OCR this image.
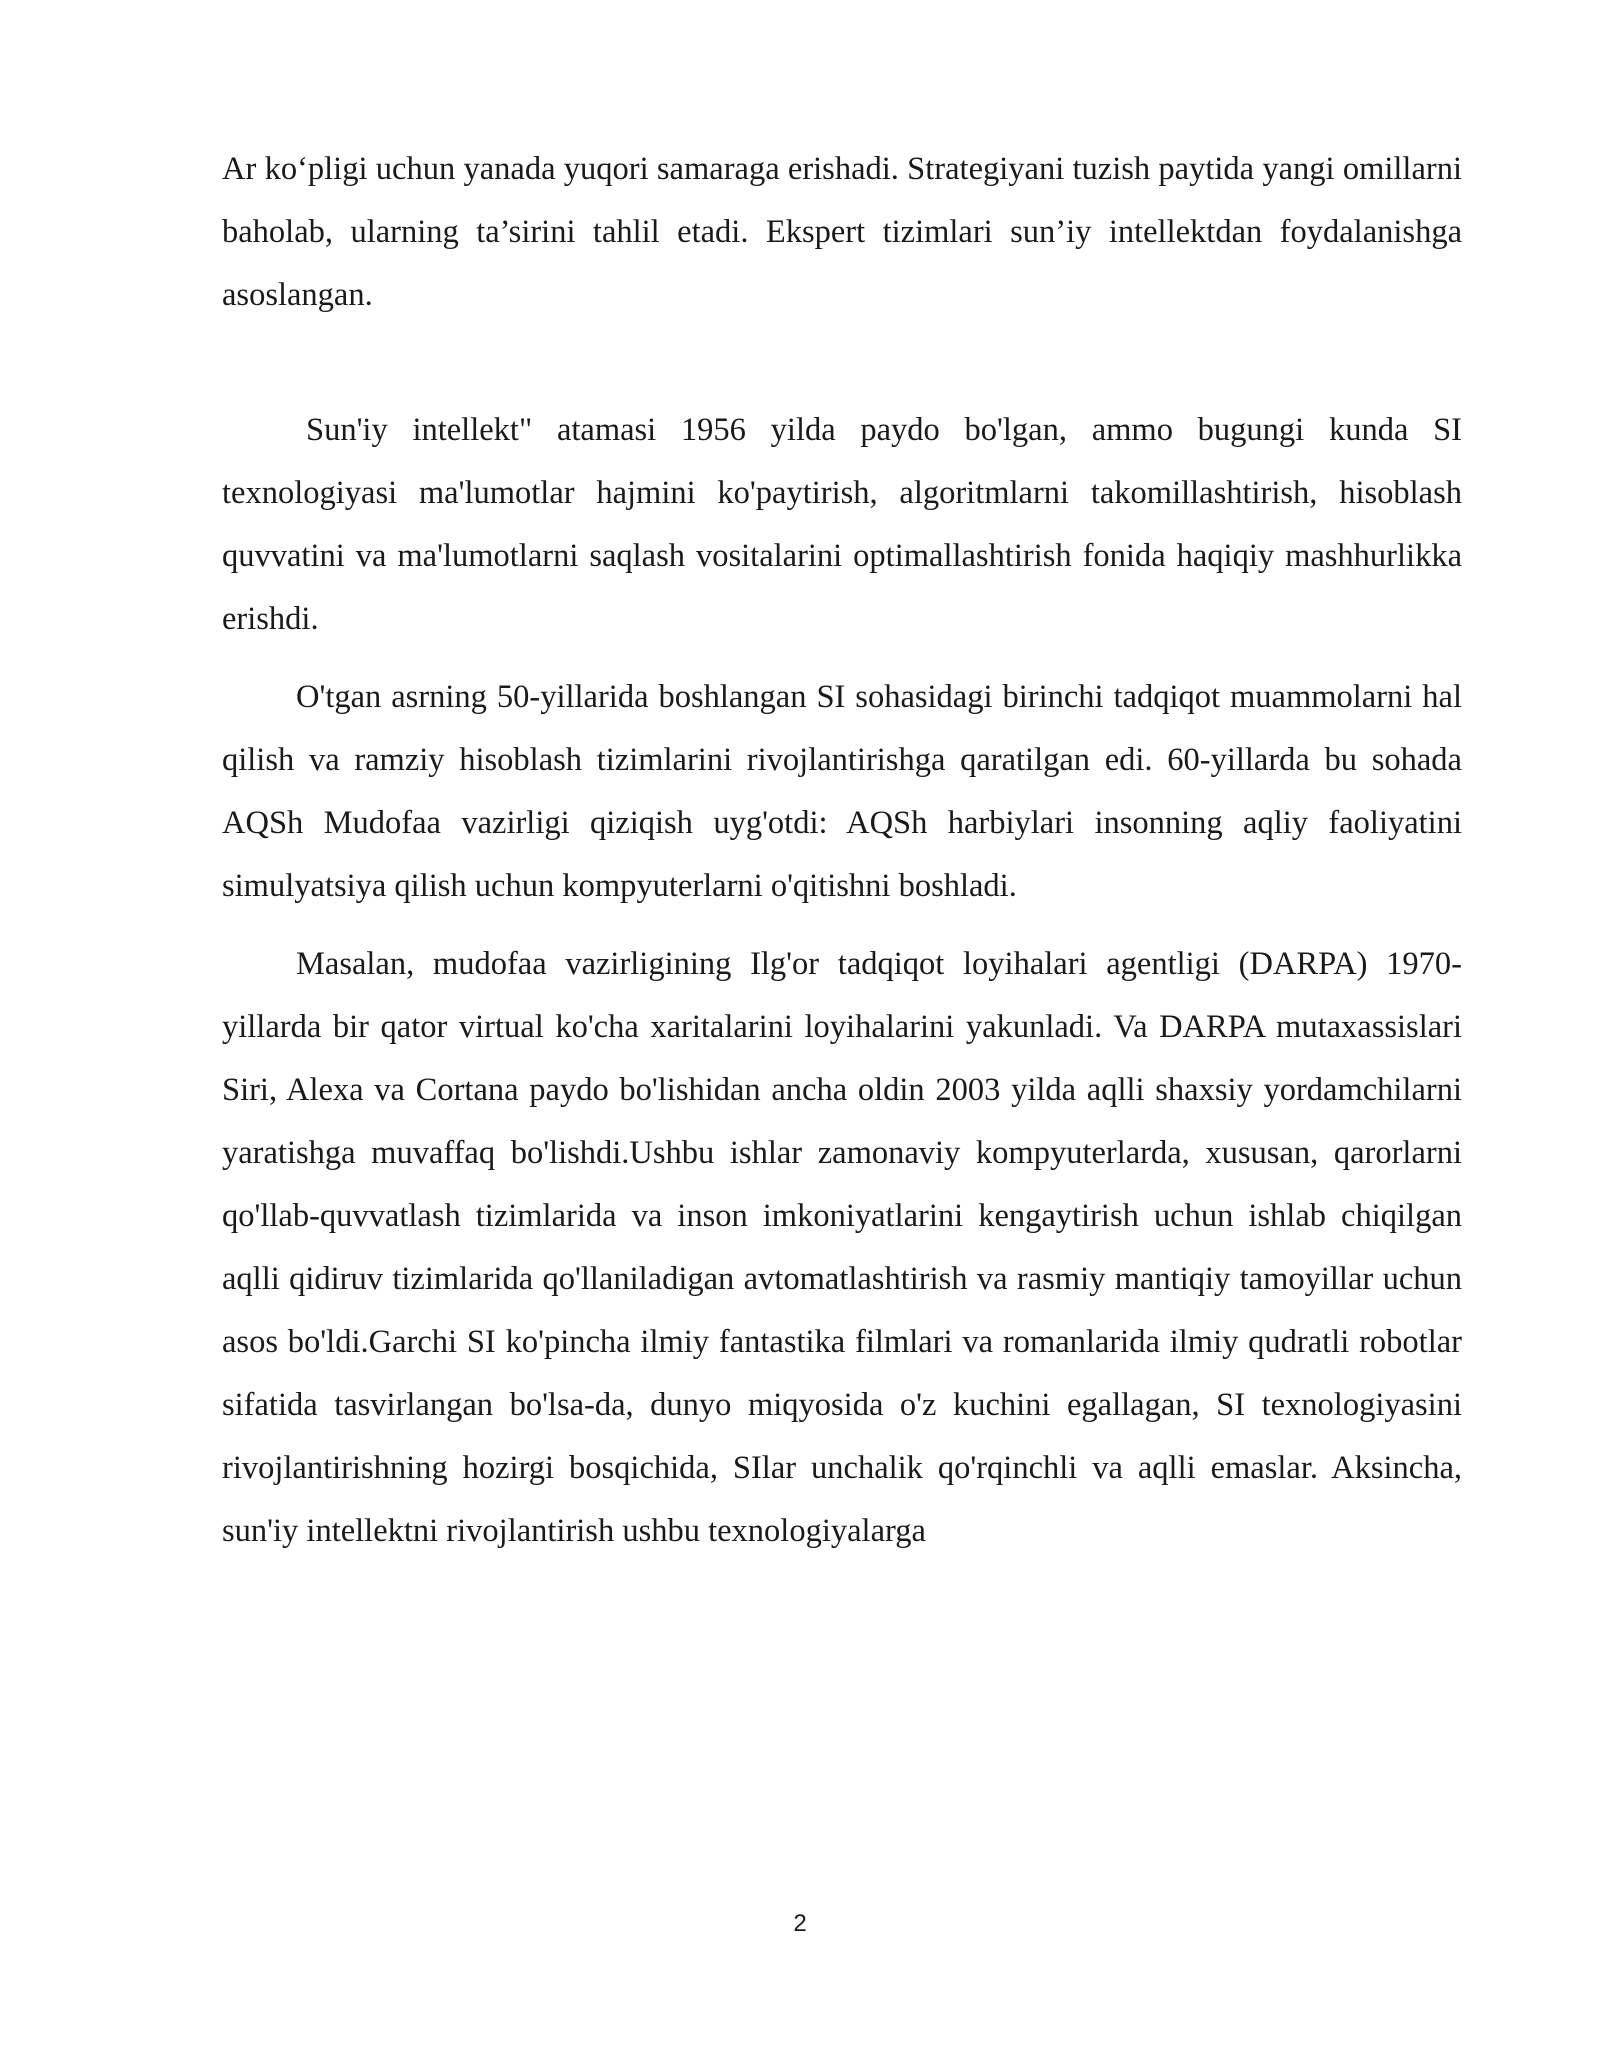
Ar ko‘pligi uchun yanada yuqori samaraga erishadi. Strategiyani tuzish paytida yangi omillarni baholab, ularning ta’sirini tahlil etadi. Ekspert tizimlari sun’iy intellektdan foydalanishga asoslangan.

Sun'iy intellekt" atamasi 1956 yilda paydo bo'lgan, ammo bugungi kunda SI texnologiyasi ma'lumotlar hajmini ko'paytirish, algoritmlarni takomillashtirish, hisoblash quvvatini va ma'lumotlarni saqlash vositalarini optimallashtirish fonida haqiqiy mashhurlikka erishdi.

O'tgan asrning 50-yillarida boshlangan SI sohasidagi birinchi tadqiqot muammolarni hal qilish va ramziy hisoblash tizimlarini rivojlantirishga qaratilgan edi. 60-yillarda bu sohada AQSh Mudofaa vazirligi qiziqish uyg'otdi: AQSh harbiylari insonning aqliy faoliyatini simulyatsiya qilish uchun kompyuterlarni o'qitishni boshladi.

Masalan, mudofaa vazirligining Ilg'or tadqiqot loyihalari agentligi (DARPA) 1970-yillarda bir qator virtual ko'cha xaritalarini loyihalarini yakunladi. Va DARPA mutaxassislari Siri, Alexa va Cortana paydo bo'lishidan ancha oldin 2003 yilda aqlli shaxsiy yordamchilarni yaratishga muvaffaq bo'lishdi.Ushbu ishlar zamonaviy kompyuterlarda, xususan, qarorlarni qo'llab-quvvatlash tizimlarida va inson imkoniyatlarini kengaytirish uchun ishlab chiqilgan aqlli qidiruv tizimlarida qo'llaniladigan avtomatlashtirish va rasmiy mantiqiy tamoyillar uchun asos bo'ldi.Garchi SI ko'pincha ilmiy fantastika filmlari va romanlarida ilmiy qudratli robotlar sifatida tasvirlangan bo'lsa-da, dunyo miqyosida o'z kuchini egallagan, SI texnologiyasini rivojlantirishning hozirgi bosqichida, SIlar unchalik qo'rqinchli va aqlli emaslar. Aksincha, sun'iy intellektni rivojlantirish ushbu texnologiyalarga

2
